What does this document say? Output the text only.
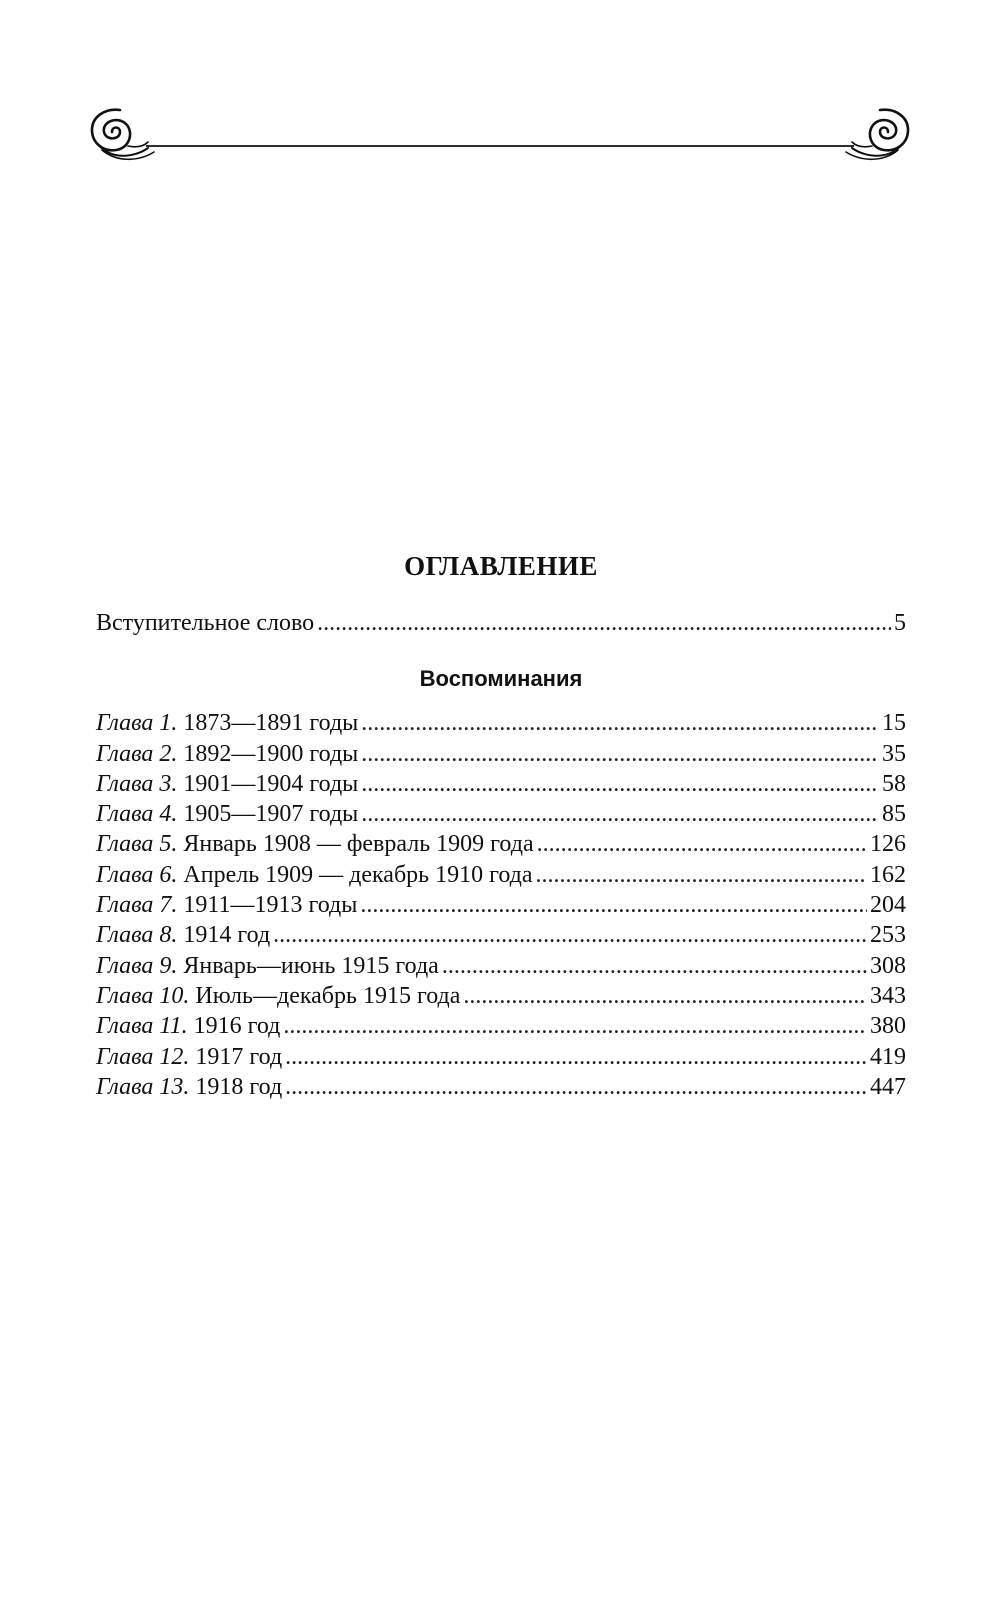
ОГЛАВЛЕНИЕ
Вступительное слово . . .	5
Воспоминания
Глава 1. 1873—1891 годы . . .	15
Глава 2. 1892—1900 годы . . .	35
Глава 3. 1901—1904 годы . . .	58
Глава 4. 1905—1907 годы . . .	85
Глава 5. Январь 1908 — февраль 1909 года . . .	126
Глава 6. Апрель 1909 — декабрь 1910 года . . .	162
Глава 7. 1911—1913 годы . . .	204
Глава 8. 1914 год . . .	253
Глава 9. Январь—июнь 1915 года . . .	308
Глава 10. Июль—декабрь 1915 года . . .	343
Глава 11. 1916 год . . .	380
Глава 12. 1917 год . . .	419
Глава 13. 1918 год . . .	447
